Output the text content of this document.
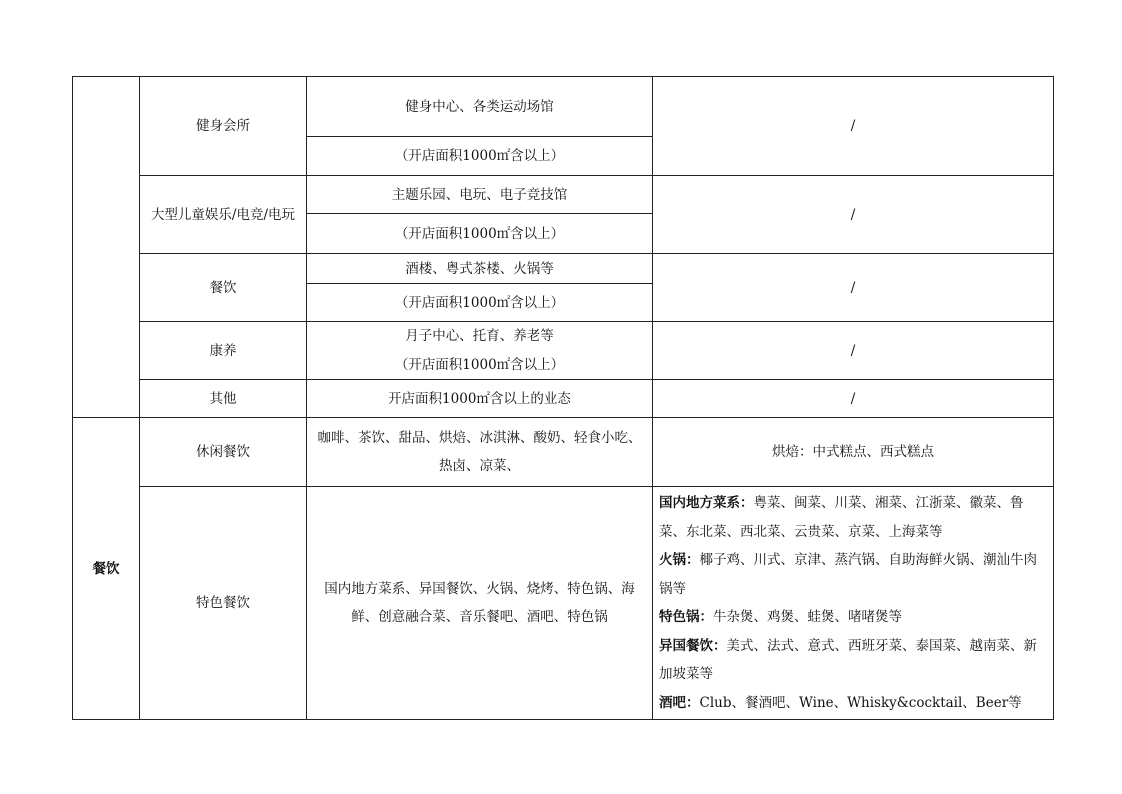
	健身会所	健身中心、各类运动场馆	/
		（开店面积1000㎡含以上）	
	大型儿童娱乐/电竞/电玩	主题乐园、电玩、电子竞技馆	/
		（开店面积1000㎡含以上）	
	餐饮	酒楼、粤式茶楼、火锅等	/
		（开店面积1000㎡含以上）	
	康养	月子中心、托育、养老等	/
		（开店面积1000㎡含以上）	
	其他	开店面积1000㎡含以上的业态	/
餐饮	休闲餐饮	咖啡、茶饮、甜品、烘焙、冰淇淋、酸奶、轻食小吃、热卤、凉菜、	烘焙：中式糕点、西式糕点
	特色餐饮	国内地方菜系、异国餐饮、火锅、烧烤、特色锅、海鲜、创意融合菜、音乐餐吧、酒吧、特色锅	国内地方菜系：粤菜、闽菜、川菜、湘菜、江浙菜、徽菜、鲁菜、东北菜、西北菜、云贵菜、京菜、上海菜等
火锅：椰子鸡、川式、京津、蒸汽锅、自助海鲜火锅、潮汕牛肉锅等
特色锅：牛杂煲、鸡煲、蛙煲、啫啫煲等
异国餐饮：美式、法式、意式、西班牙菜、泰国菜、越南菜、新加坡菜等
酒吧：Club、餐酒吧、Wine、Whisky&cocktail、Beer等
